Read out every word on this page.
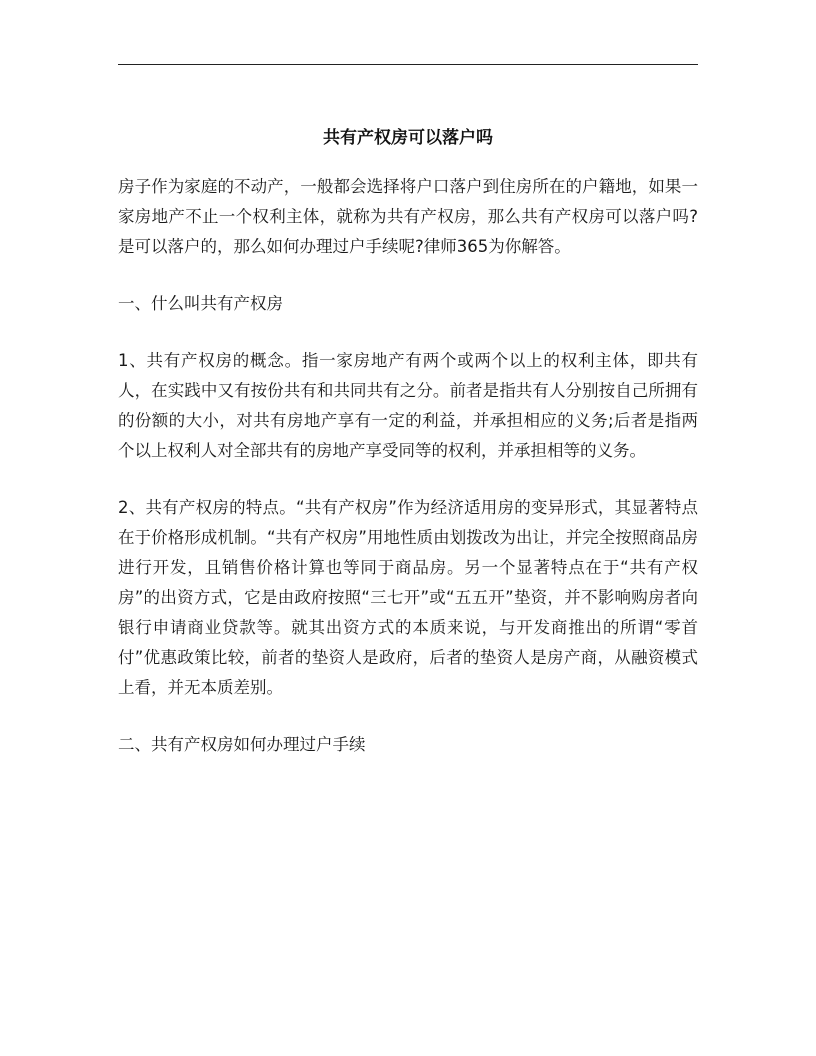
共有产权房可以落户吗

房子作为家庭的不动产，一般都会选择将户口落户到住房所在的户籍地，如果一家房地产不止一个权利主体，就称为共有产权房，那么共有产权房可以落户吗?是可以落户的，那么如何办理过户手续呢?律师365为你解答。

一、什么叫共有产权房

1、共有产权房的概念。指一家房地产有两个或两个以上的权利主体，即共有人，在实践中又有按份共有和共同共有之分。前者是指共有人分别按自己所拥有的份额的大小，对共有房地产享有一定的利益，并承担相应的义务;后者是指两个以上权利人对全部共有的房地产享受同等的权利，并承担相等的义务。

2、共有产权房的特点。“共有产权房”作为经济适用房的变异形式，其显著特点在于价格形成机制。“共有产权房”用地性质由划拨改为出让，并完全按照商品房进行开发，且销售价格计算也等同于商品房。另一个显著特点在于“共有产权房”的出资方式，它是由政府按照“三七开”或“五五开”垫资，并不影响购房者向银行申请商业贷款等。就其出资方式的本质来说，与开发商推出的所谓“零首付”优惠政策比较，前者的垫资人是政府，后者的垫资人是房产商，从融资模式上看，并无本质差别。

二、共有产权房如何办理过户手续
